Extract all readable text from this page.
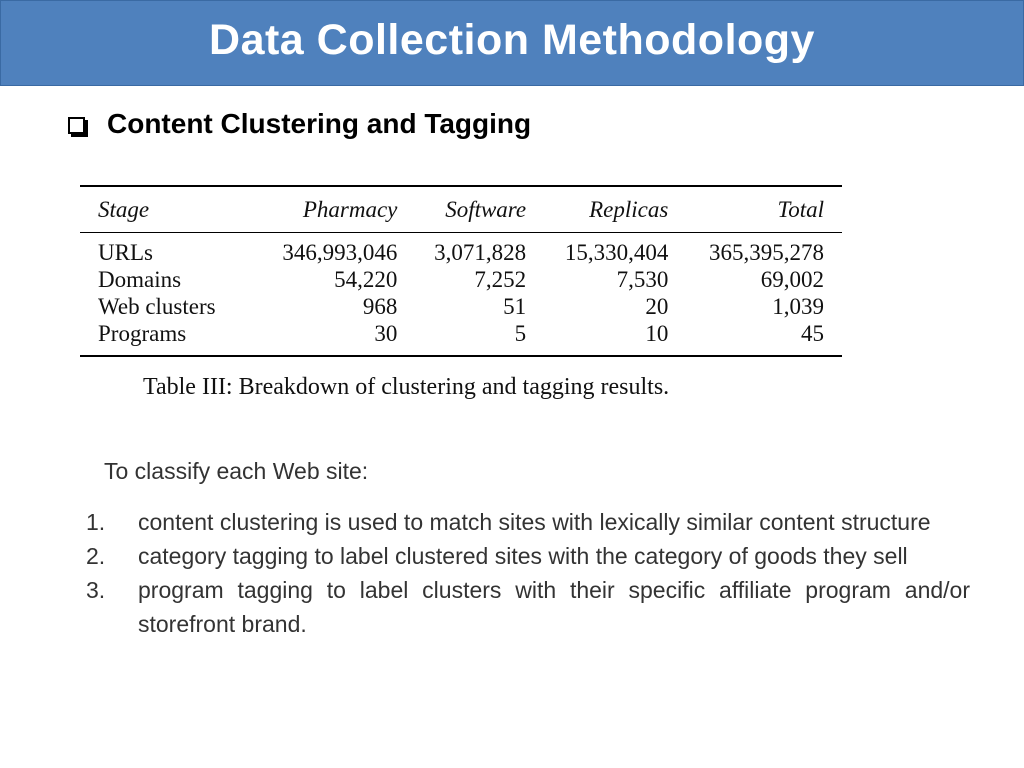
Data Collection Methodology
Content Clustering and Tagging
Stage	Pharmacy	Software	Replicas	Total
URLs	346,993,046	3,071,828	15,330,404	365,395,278
Domains	54,220	7,252	7,530	69,002
Web clusters	968	51	20	1,039
Programs	30	5	10	45
Table III: Breakdown of clustering and tagging results.
To classify each Web site:
1.	content clustering is used to match sites with lexically similar content structure
2.	category tagging to label clustered sites with the category of goods they sell
3.	program tagging to label clusters with their specific affiliate program and/or storefront brand.
